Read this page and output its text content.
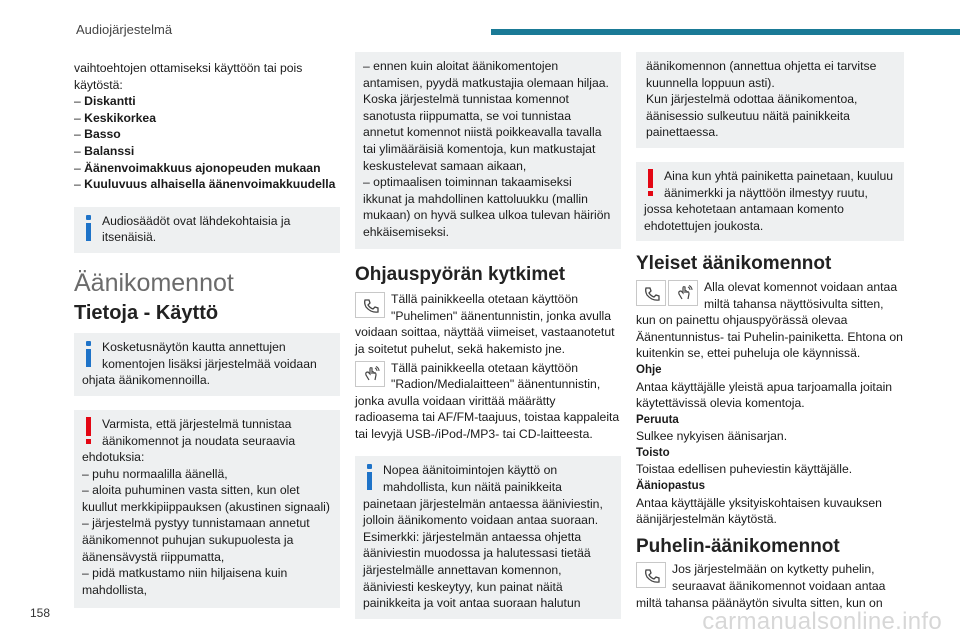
Audiojärjestelmä

vaihtoehtojen ottamiseksi käyttöön tai pois käytöstä:

– Diskantti

– Keskikorkea

– Basso

– Balanssi

– Äänenvoimakkuus ajonopeuden mukaan

– Kuuluvuus alhaisella äänenvoimakkuudella

Audiosäädöt ovat lähdekohtaisia ja itsenäisiä.

Äänikomennot
Tietoja - Käyttö

Kosketusnäytön kautta annettujen komentojen lisäksi järjestelmää voidaan ohjata äänikomennoilla.

Varmista, että järjestelmä tunnistaa äänikomennot ja noudata seuraavia ehdotuksia:

– puhu normaalilla äänellä,

– aloita puhuminen vasta sitten, kun olet kuullut merkkipiippauksen (akustinen signaali)

– järjestelmä pystyy tunnistamaan annetut äänikomennot puhujan sukupuolesta ja äänensävystä riippumatta,

– pidä matkustamo niin hiljaisena kuin mahdollista,

– ennen kuin aloitat äänikomentojen antamisen, pyydä matkustajia olemaan hiljaa. Koska järjestelmä tunnistaa komennot sanotusta riippumatta, se voi tunnistaa annetut komennot niistä poikkeavalla tavalla tai ylimääräisiä komentoja, kun matkustajat keskustelevat samaan aikaan,

– optimaalisen toiminnan takaamiseksi ikkunat ja mahdollinen kattoluukku (mallin mukaan) on hyvä sulkea ulkoa tulevan häiriön ehkäisemiseksi.

Ohjauspyörän kytkimet

Tällä painikkeella otetaan käyttöön "Puhelimen" äänentunnistin, jonka avulla voidaan soittaa, näyttää viimeiset, vastaanotetut ja soitetut puhelut, sekä hakemisto jne.

Tällä painikkeella otetaan käyttöön "Radion/Medialaitteen" äänentunnistin, jonka avulla voidaan virittää määrätty radioasema tai AF/FM-taajuus, toistaa kappaleita tai levyjä USB-/iPod-/MP3- tai CD-laitteesta.

Nopea äänitoimintojen käyttö on mahdollista, kun näitä painikkeita painetaan järjestelmän antaessa ääniviestin, jolloin äänikomento voidaan antaa suoraan. Esimerkki: järjestelmän antaessa ohjetta ääniviestin muodossa ja halutessasi tietää järjestelmälle annettavan komennon, ääniviesti keskeytyy, kun painat näitä painikkeita ja voit antaa suoraan halutun

äänikomennon (annettua ohjetta ei tarvitse kuunnella loppuun asti).

Kun järjestelmä odottaa äänikomentoa, äänisessio sulkeutuu näitä painikkeita painettaessa.

Aina kun yhtä painiketta painetaan, kuuluu äänimerkki ja näyttöön ilmestyy ruutu, jossa kehotetaan antamaan komento ehdotettujen joukosta.

Yleiset äänikomennot

Alla olevat komennot voidaan antaa miltä tahansa näyttösivulta sitten, kun on painettu ohjauspyörässä olevaa Äänentunnistus- tai Puhelin-painiketta. Ehtona on kuitenkin se, ettei puheluja ole käynnissä.

Ohje

Antaa käyttäjälle yleistä apua tarjoamalla joitain käytettävissä olevia komentoja.

Peruuta

Sulkee nykyisen äänisarjan.

Toisto

Toistaa edellisen puheviestin käyttäjälle.

Ääniopastus

Antaa käyttäjälle yksityiskohtaisen kuvauksen äänijärjestelmän käytöstä.

Puhelin-äänikomennot

Jos järjestelmään on kytketty puhelin, seuraavat äänikomennot voidaan antaa miltä tahansa päänäytön sivulta sitten, kun on

158	carmanualsonline.info
